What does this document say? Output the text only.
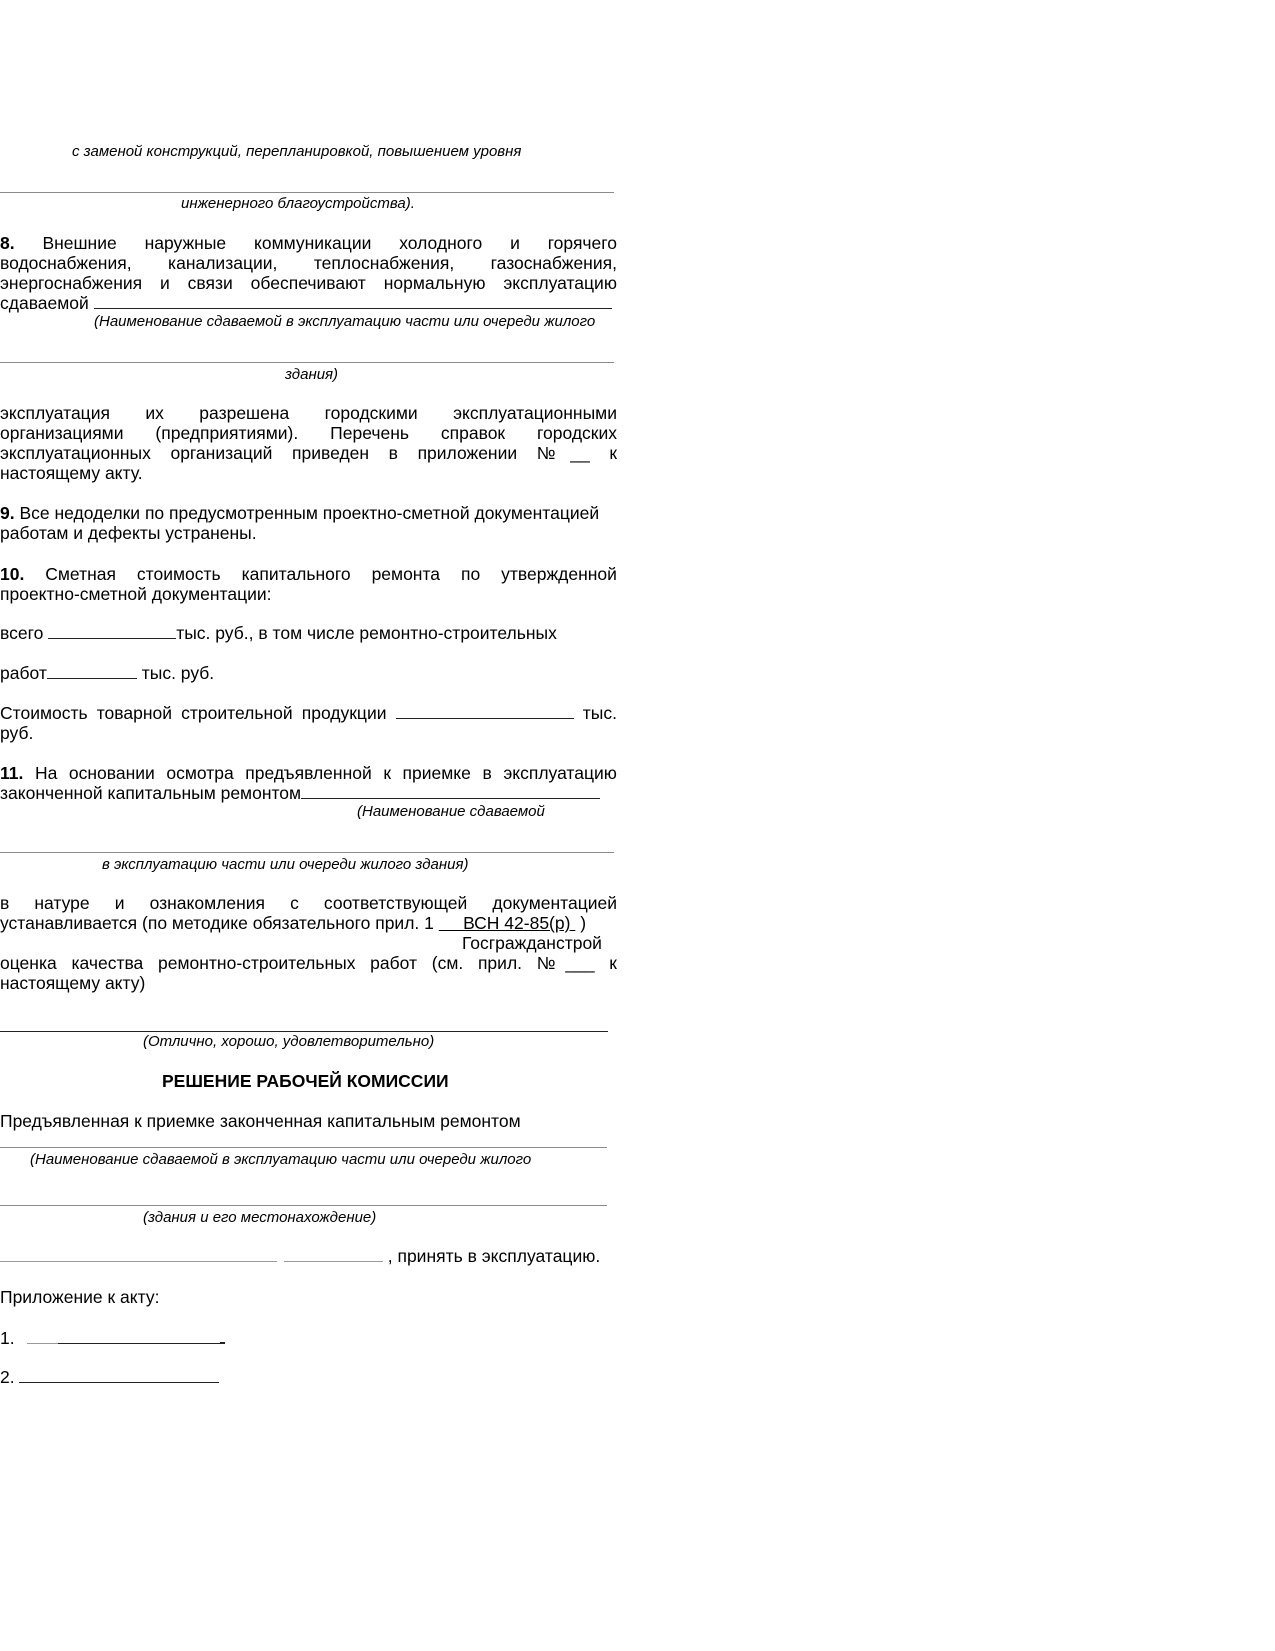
с заменой конструкций, перепланировкой, повышением уровня
инженерного благоустройства).
8. Внешние наружные коммуникации холодного и горячего
водоснабжения, канализации, теплоснабжения, газоснабжения,
энергоснабжения и связи обеспечивают нормальную эксплуатацию
сдаваемой
(Наименование сдаваемой в эксплуатацию части или очереди жилого
здания)
эксплуатация их разрешена городскими эксплуатационными
организациями (предприятиями). Перечень справок городских
эксплуатационных организаций приведен в приложении №__ к
настоящему акту.
9. Все недоделки по предусмотренным проектно-сметной документацией
работам и дефекты устранены.
10. Сметная стоимость капитального ремонта по утвержденной
проектно-сметной документации:
всего	тыс. руб., в том числе ремонтно-строительных
работ	тыс. руб.
Стоимость товарной строительной продукции	тыс.
руб.
11. На основании осмотра предъявленной к приемке в эксплуатацию
законченной капитальным ремонтом
(Наименование сдаваемой
в эксплуатацию части или очереди жилого здания)
в натуре и ознакомления с соответствующей документацией
устанавливается (по методике обязательного прил. 1 ВСН 42-85(р) )
Госгражданстрой
оценка качества ремонтно-строительных работ (см. прил. №___ к
настоящему акту)
(Отлично, хорошо, удовлетворительно)
РЕШЕНИЕ РАБОЧЕЙ КОМИССИИ
Предъявленная к приемке законченная капитальным ремонтом
(Наименование сдаваемой в эксплуатацию части или очереди жилого
(здания и его местонахождение)
, принять в эксплуатацию.
Приложение к акту:
1.
2.
